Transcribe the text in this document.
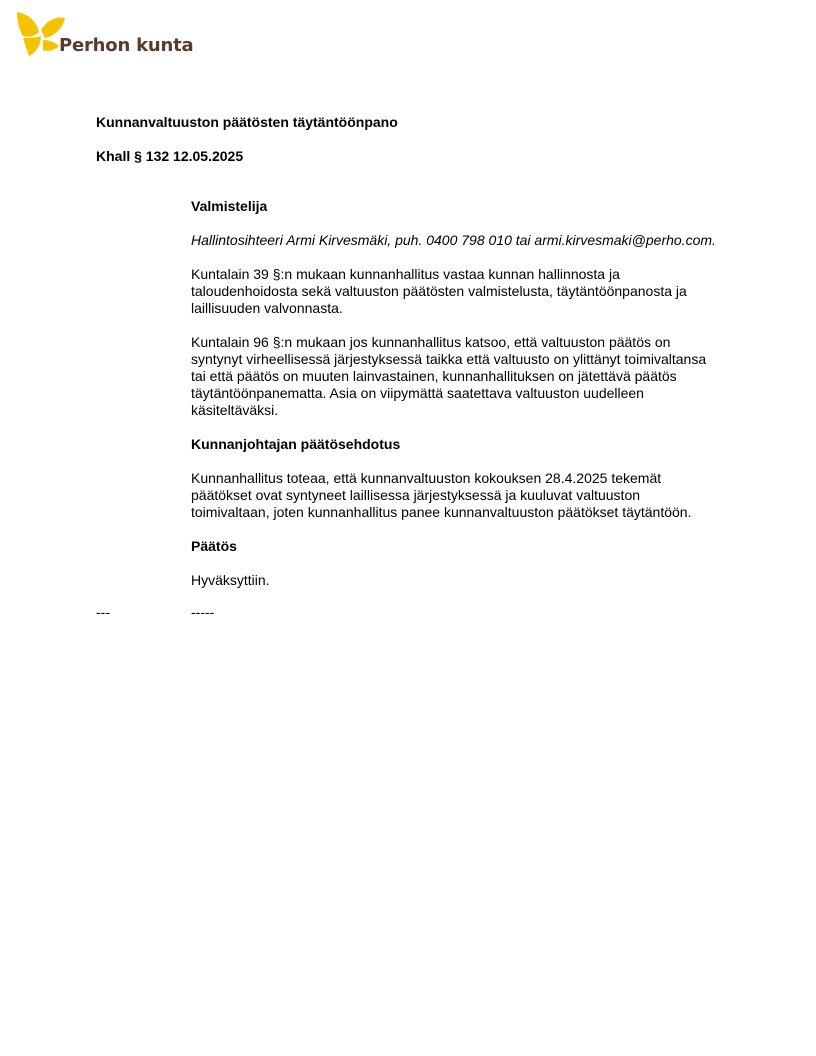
Perhon kunta
Kunnanvaltuuston päätösten täytäntöönpano
Khall § 132 12.05.2025
Valmistelija
Hallintosihteeri Armi Kirvesmäki, puh. 0400 798 010 tai armi.kirvesmaki@perho.com.
Kuntalain 39 §:n mukaan kunnanhallitus vastaa kunnan hallinnosta ja
taloudenhoidosta sekä valtuuston päätösten valmistelusta, täytäntöönpanosta ja
laillisuuden valvonnasta.
Kuntalain 96 §:n mukaan jos kunnanhallitus katsoo, että valtuuston päätös on
syntynyt virheellisessä järjestyksessä taikka että valtuusto on ylittänyt toimivaltansa
tai että päätös on muuten lainvastainen, kunnanhallituksen on jätettävä päätös
täytäntöönpanematta. Asia on viipymättä saatettava valtuuston uudelleen
käsiteltäväksi.
Kunnanjohtajan päätösehdotus
Kunnanhallitus toteaa, että kunnanvaltuuston kokouksen 28.4.2025 tekemät
päätökset ovat syntyneet laillisessa järjestyksessä ja kuuluvat valtuuston
toimivaltaan, joten kunnanhallitus panee kunnanvaltuuston päätökset täytäntöön.
Päätös
Hyväksyttiin.
---	-----
